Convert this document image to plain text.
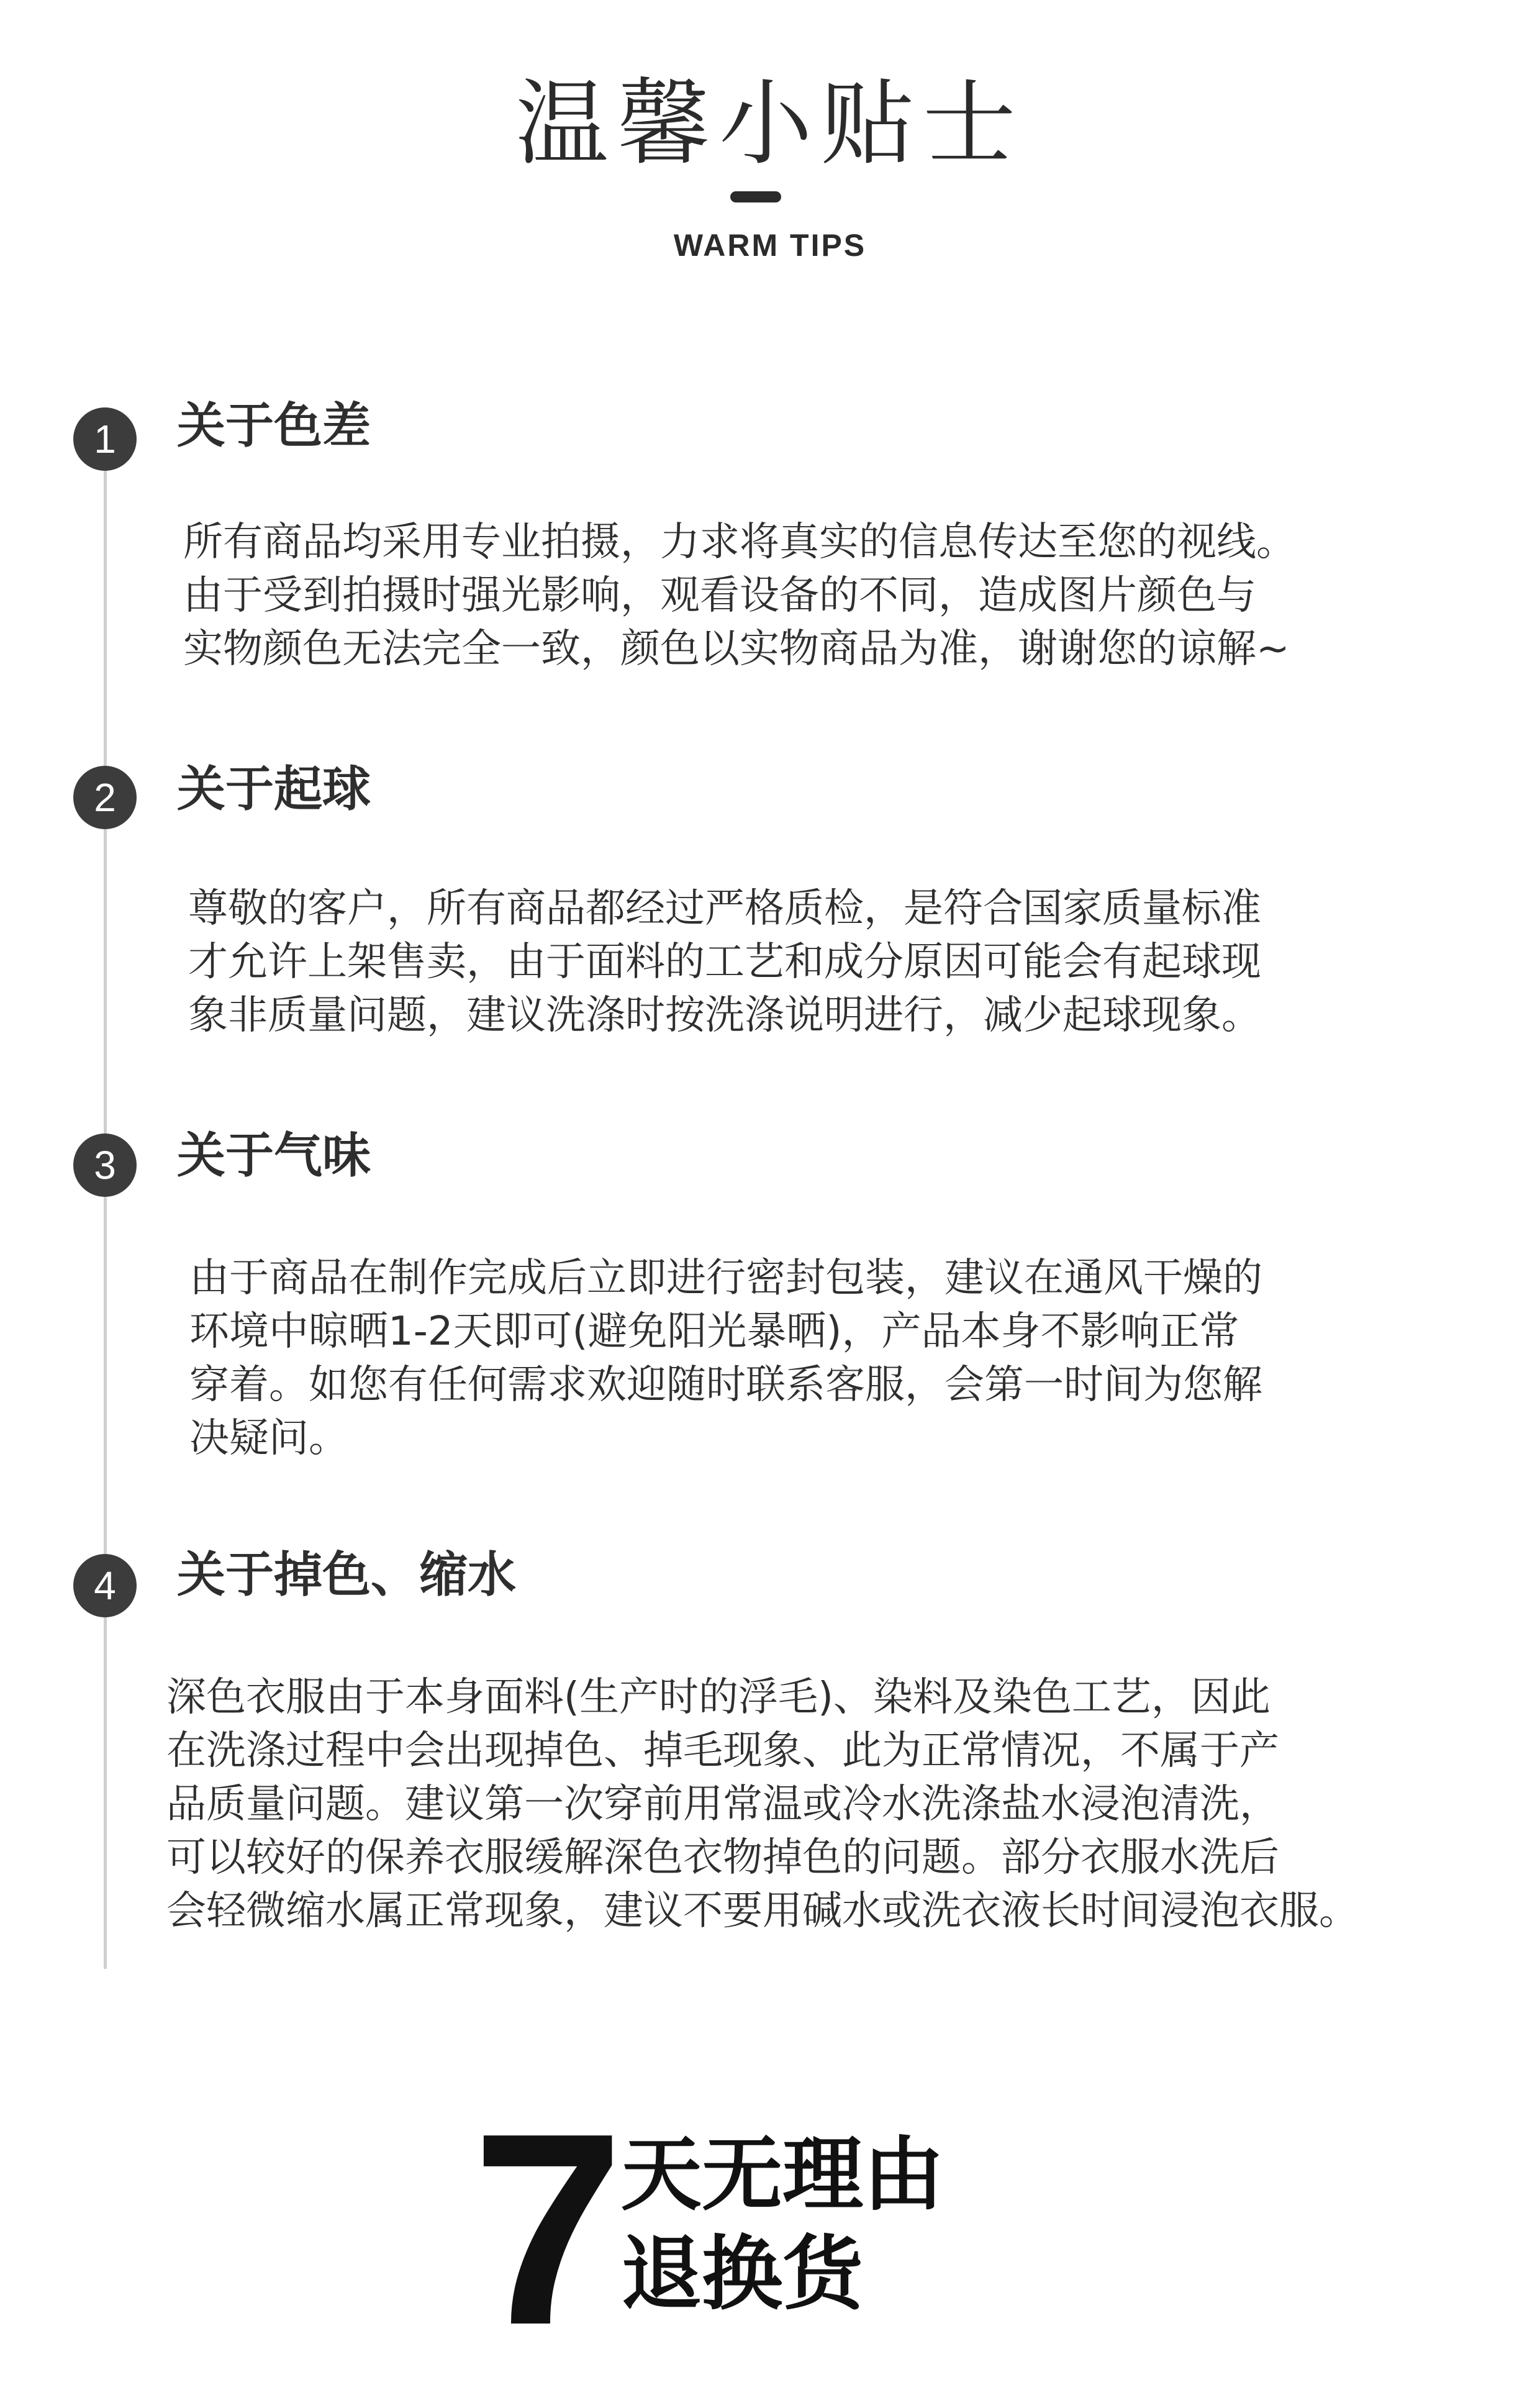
温馨小贴士
WARM TIPS
1	关于色差
所有商品均采用专业拍摄，力求将真实的信息传达至您的视线。
由于受到拍摄时强光影响，观看设备的不同，造成图片颜色与
实物颜色无法完全一致，颜色以实物商品为准，谢谢您的谅解~
2	关于起球
尊敬的客户，所有商品都经过严格质检，是符合国家质量标准
才允许上架售卖，由于面料的工艺和成分原因可能会有起球现
象非质量问题，建议洗涤时按洗涤说明进行，减少起球现象。
3	关于气味
由于商品在制作完成后立即进行密封包装，建议在通风干燥的
环境中晾晒1-2天即可(避免阳光暴晒)，产品本身不影响正常
穿着。如您有任何需求欢迎随时联系客服，会第一时间为您解
决疑问。
4	关于掉色、缩水
深色衣服由于本身面料(生产时的浮毛)、染料及染色工艺，因此
在洗涤过程中会出现掉色、掉毛现象、此为正常情况，不属于产
品质量问题。建议第一次穿前用常温或冷水洗涤盐水浸泡清洗，
可以较好的保养衣服缓解深色衣物掉色的问题。部分衣服水洗后
会轻微缩水属正常现象，建议不要用碱水或洗衣液长时间浸泡衣服。
7
天无理由
退换货
